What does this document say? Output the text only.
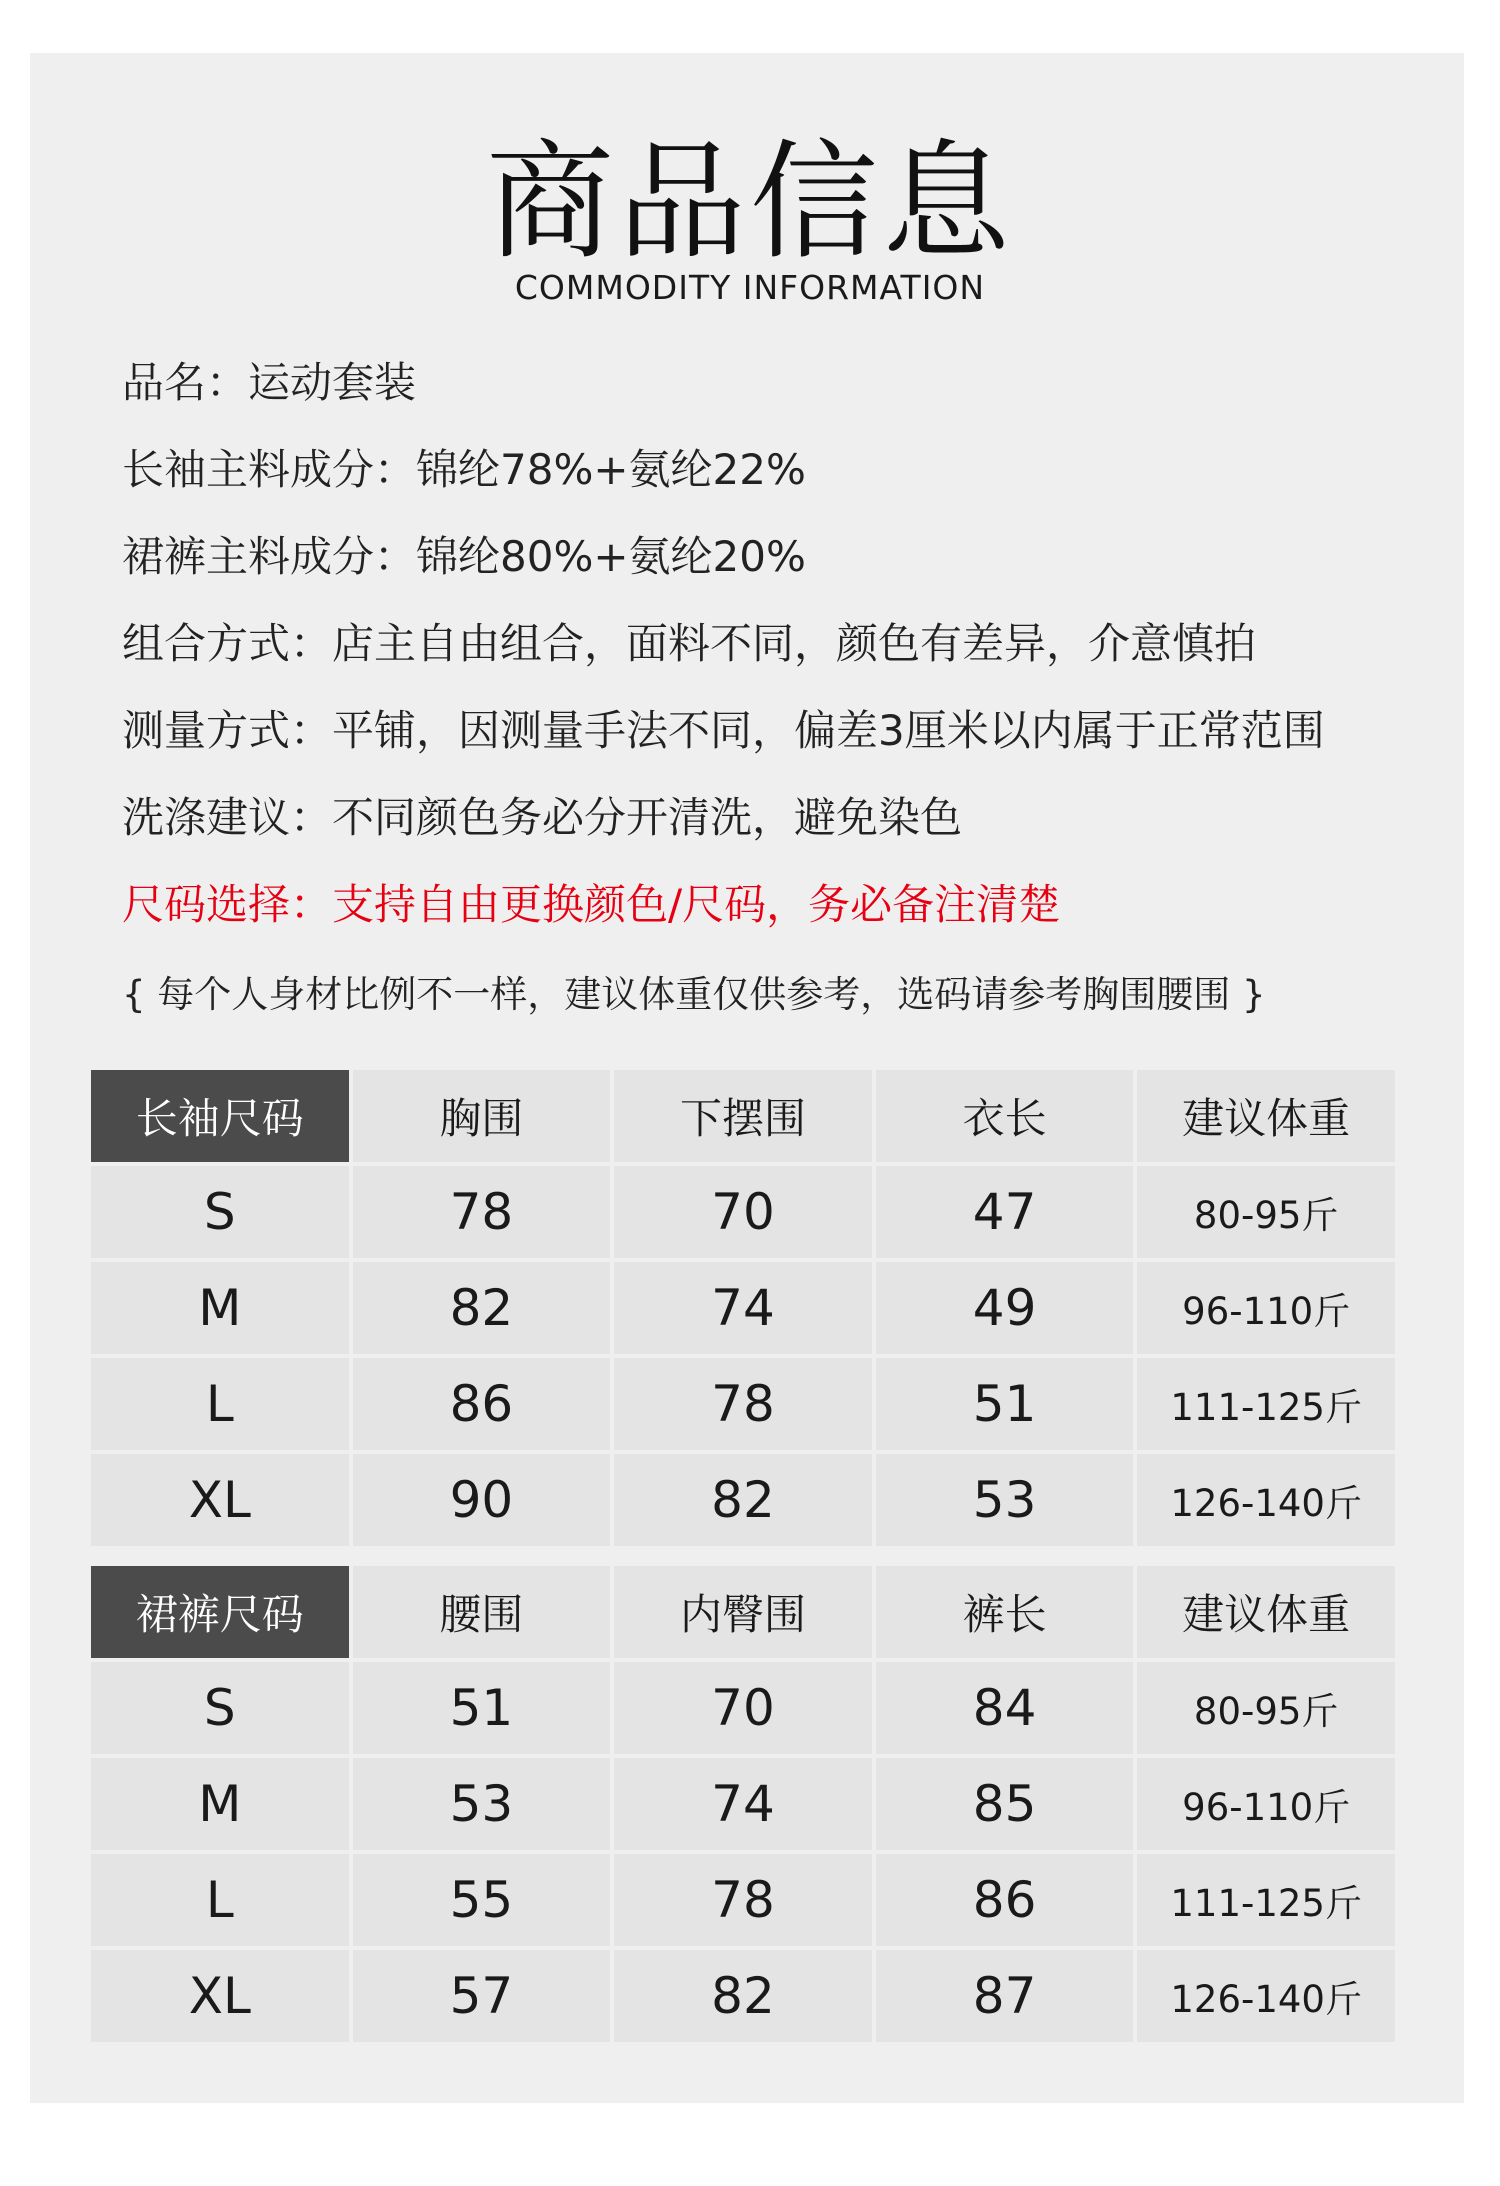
商品信息
COMMODITY INFORMATION
品名：运动套装
长袖主料成分：锦纶78%+氨纶22%
裙裤主料成分：锦纶80%+氨纶20%
组合方式：店主自由组合，面料不同，颜色有差异，介意慎拍
测量方式：平铺，因测量手法不同，偏差3厘米以内属于正常范围
洗涤建议：不同颜色务必分开清洗，避免染色
尺码选择：支持自由更换颜色/尺码，务必备注清楚
{ 每个人身材比例不一样，建议体重仅供参考，选码请参考胸围腰围 }
长袖尺码	胸围	下摆围	衣长	建议体重
S	78	70	47	80-95斤
M	82	74	49	96-110斤
L	86	78	51	111-125斤
XL	90	82	53	126-140斤
裙裤尺码	腰围	内臀围	裤长	建议体重
S	51	70	84	80-95斤
M	53	74	85	96-110斤
L	55	78	86	111-125斤
XL	57	82	87	126-140斤
